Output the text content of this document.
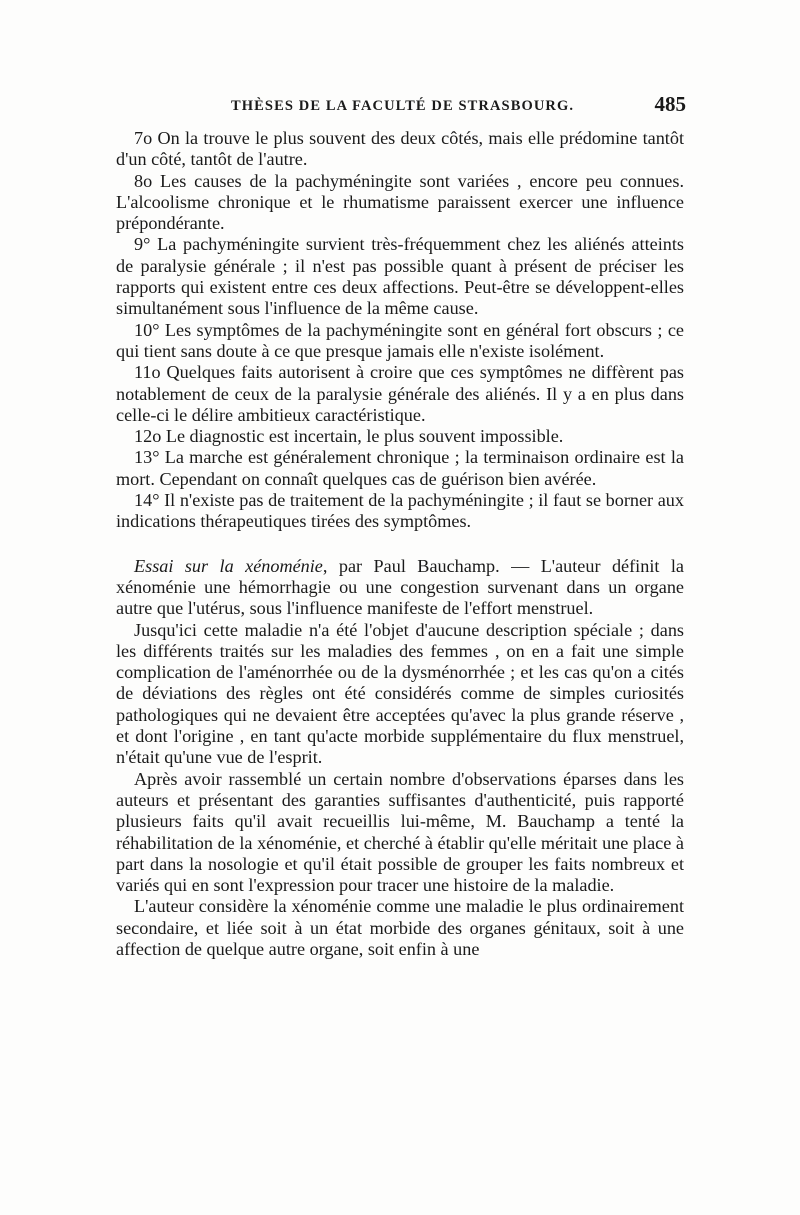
THÈSES DE LA FACULTÉ DE STRASBOURG.	485

7o On la trouve le plus souvent des deux côtés, mais elle prédomine tantôt d'un côté, tantôt de l'autre.

8o Les causes de la pachyméningite sont variées , encore peu connues. L'alcoolisme chronique et le rhumatisme paraissent exercer une influence prépondérante.

9° La pachyméningite survient très-fréquemment chez les aliénés atteints de paralysie générale ; il n'est pas possible quant à présent de préciser les rapports qui existent entre ces deux affections. Peut-être se développent-elles simultanément sous l'influence de la même cause.

10° Les symptômes de la pachyméningite sont en général fort obscurs ; ce qui tient sans doute à ce que presque jamais elle n'existe isolément.

11o Quelques faits autorisent à croire que ces symptômes ne diffèrent pas notablement de ceux de la paralysie générale des aliénés. Il y a en plus dans celle-ci le délire ambitieux caractéristique.

12o Le diagnostic est incertain, le plus souvent impossible.

13° La marche est généralement chronique ; la terminaison ordinaire est la mort. Cependant on connaît quelques cas de guérison bien avérée.

14° Il n'existe pas de traitement de la pachyméningite ; il faut se borner aux indications thérapeutiques tirées des symptômes.

Essai sur la xénoménie, par Paul Bauchamp. — L'auteur définit la xénoménie une hémorrhagie ou une congestion survenant dans un organe autre que l'utérus, sous l'influence manifeste de l'effort menstruel.

Jusqu'ici cette maladie n'a été l'objet d'aucune description spéciale ; dans les différents traités sur les maladies des femmes , on en a fait une simple complication de l'aménorrhée ou de la dysménorrhée ; et les cas qu'on a cités de déviations des règles ont été considérés comme de simples curiosités pathologiques qui ne devaient être acceptées qu'avec la plus grande réserve , et dont l'origine , en tant qu'acte morbide supplémentaire du flux menstruel, n'était qu'une vue de l'esprit.

Après avoir rassemblé un certain nombre d'observations éparses dans les auteurs et présentant des garanties suffisantes d'authenticité, puis rapporté plusieurs faits qu'il avait recueillis lui-même, M. Bauchamp a tenté la réhabilitation de la xénoménie, et cherché à établir qu'elle méritait une place à part dans la nosologie et qu'il était possible de grouper les faits nombreux et variés qui en sont l'expression pour tracer une histoire de la maladie.

L'auteur considère la xénoménie comme une maladie le plus ordinairement secondaire, et liée soit à un état morbide des organes génitaux, soit à une affection de quelque autre organe, soit enfin à une
